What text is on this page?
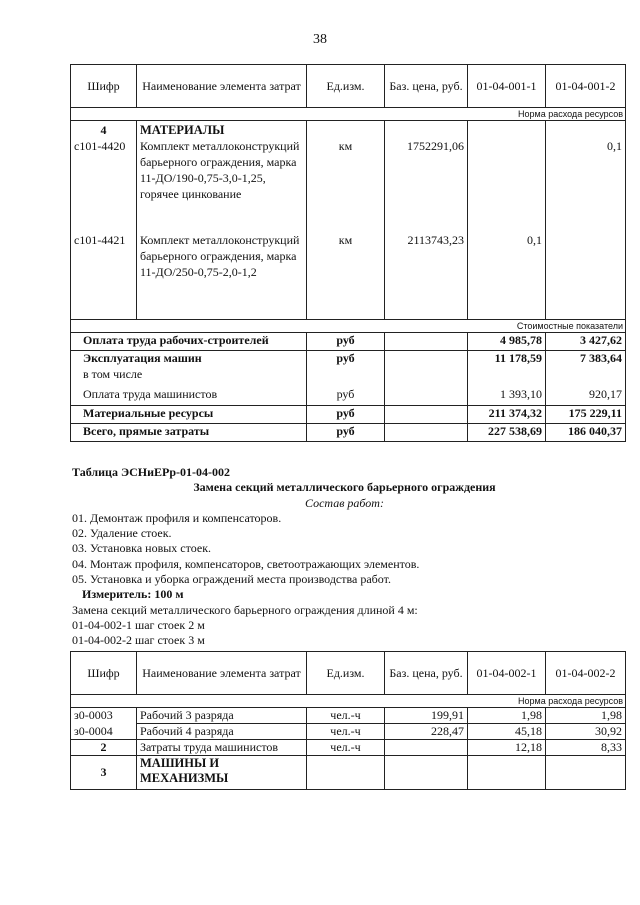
38
Шифр	Наименование элемента затрат	Ед.изм.	Баз. цена, руб.	01-04-001-1	01-04-001-2
Норма расхода ресурсов					
4	МАТЕРИАЛЫ				
с101-4420	Комплект металлоконструкций барьерного ограждения, марка 11-ДО/190-0,75-3,0-1,25, горячее цинкование	км	1752291,06		0,1
с101-4421	Комплект металлоконструкций барьерного ограждения, марка 11-ДО/250-0,75-2,0-1,2	км	2113743,23	0,1	
Стоимостные показатели					
Оплата труда рабочих-строителей		руб		4 985,78	3 427,62
Эксплуатация машин		руб		11 178,59	7 383,64
в том числе					
Оплата труда машинистов		руб		1 393,10	920,17
Материальные ресурсы		руб		211 374,32	175 229,11
Всего, прямые затраты		руб		227 538,69	186 040,37
Таблица ЭСНиЕРр-01-04-002
Замена секций металлического барьерного ограждения
Состав работ:
01. Демонтаж профиля и компенсаторов.
02. Удаление стоек.
03. Установка новых стоек.
04. Монтаж профиля, компенсаторов, светоотражающих элементов.
05. Установка и уборка ограждений места производства работ.
Измеритель: 100 м
Замена секций металлического барьерного ограждения длиной 4 м:
01-04-002-1 шаг стоек 2 м
01-04-002-2 шаг стоек 3 м
Шифр	Наименование элемента затрат	Ед.изм.	Баз. цена, руб.	01-04-002-1	01-04-002-2
Норма расхода ресурсов					
з0-0003	Рабочий 3 разряда	чел.-ч	199,91	1,98	1,98
з0-0004	Рабочий 4 разряда	чел.-ч	228,47	45,18	30,92
2	Затраты труда машинистов	чел.-ч		12,18	8,33
3	МАШИНЫ И МЕХАНИЗМЫ				
